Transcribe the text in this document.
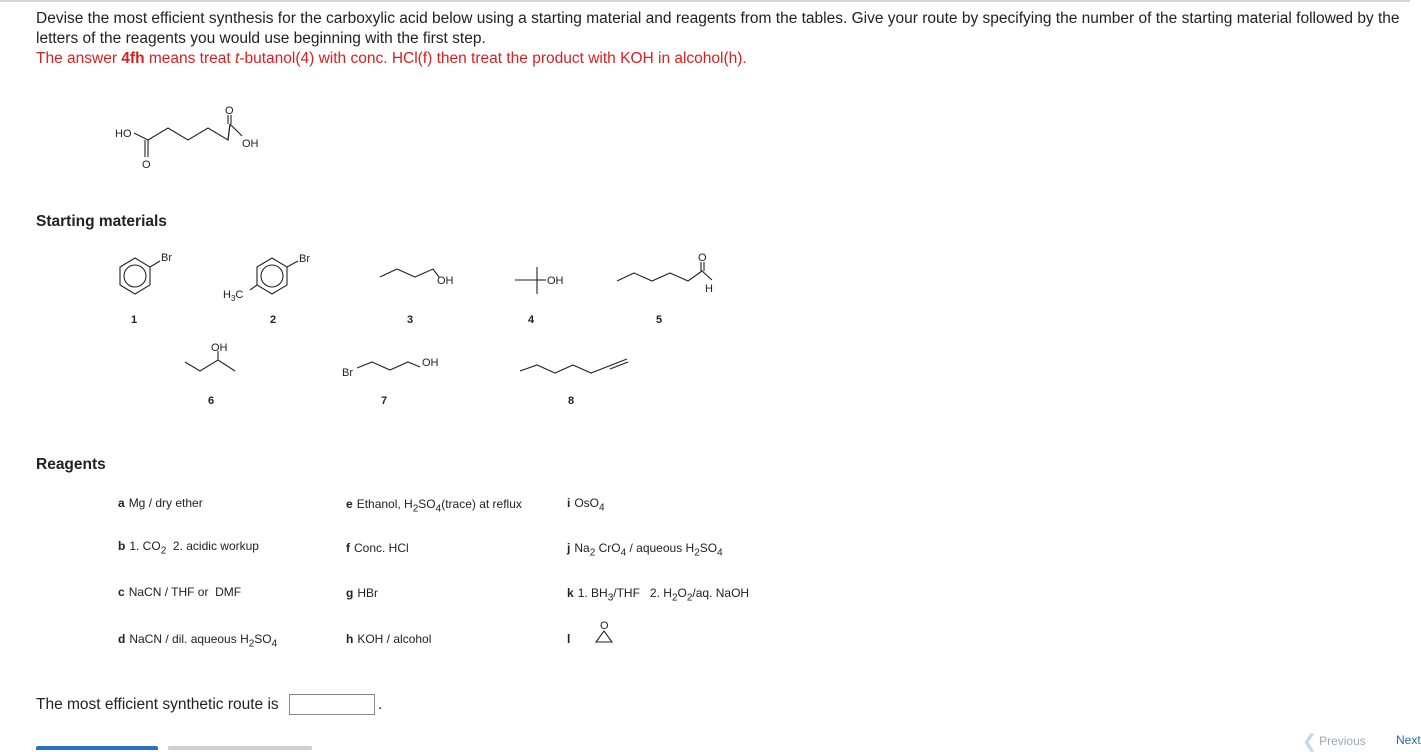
Devise the most efficient synthesis for the carboxylic acid below using a starting material and reagents from the tables. Give your route by specifying the number of the starting material followed by the letters of the reagents you would use beginning with the first step.

The answer 4fh means treat t-butanol(4) with conc. HCl(f) then treat the product with KOH in alcohol(h).

HO
O
O
OH
Starting materials
Br
1
Br
$H_3C$
2
OH
3
OH
4
O
H
5
OH
6
Br
OH
7	8
Reagents
a Mg / dry ether
b 1. $CO_2$  2. acidic workup
c NaCN / THF or  DMF
d NaCN / dil. aqueous $H_2SO_4$
e Ethanol, $H_2SO_4(trace)$ at reflux
f Conc. HCl
g HBr
h KOH / alcohol
i OsO$_4$
j $Na_2$ CrO$_4$ / aqueous $H_2SO_4$
k 1. $BH_3$/THF   2. $H_2O_2/aq$. NaOH
l
O
The most efficient synthetic route is	.
❮ Previous	Next
